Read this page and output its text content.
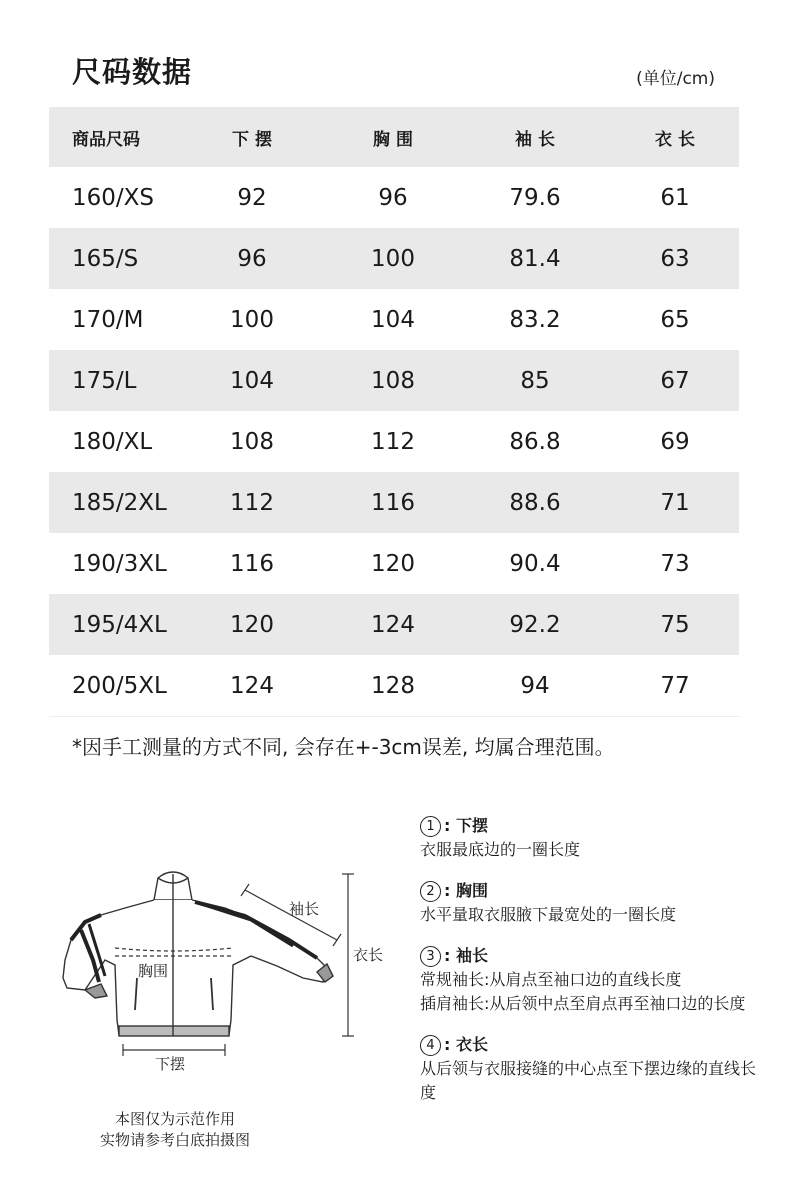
尺码数据	(单位/cm)
商品尺码	下 摆	胸 围	袖 长	衣 长
160/XS	92	96	79.6	61
165/S	96	100	81.4	63
170/M	100	104	83.2	65
175/L	104	108	85	67
180/XL	108	112	86.8	69
185/2XL	112	116	88.6	71
190/3XL	116	120	90.4	73
195/4XL	120	124	92.2	75
200/5XL	124	128	94	77
*因手工测量的方式不同, 会存在+-3cm误差, 均属合理范围。
袖长
衣长
胸围
下摆
本图仅为示范作用
实物请参考白底拍摄图
1 : 下摆
衣服最底边的一圈长度
2 : 胸围
水平量取衣服腋下最宽处的一圈长度
3 : 袖长
常规袖长: 从肩点至袖口边的直线长度
插肩袖长: 从后领中点至肩点再至袖口边的长度
4 : 衣长
从后领与衣服接缝的中心点至下摆边缘的直线长度
